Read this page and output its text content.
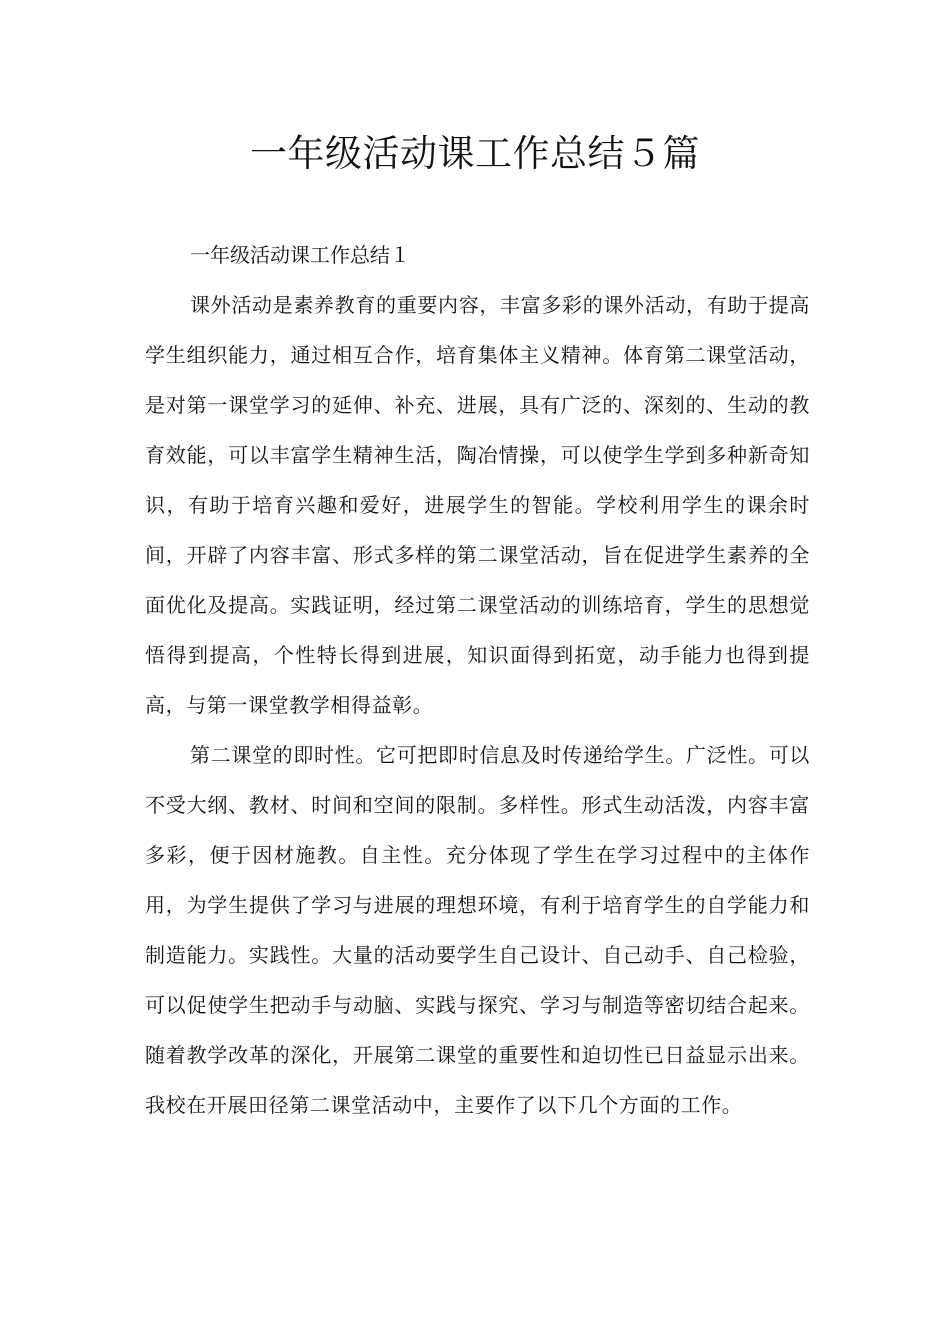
一年级活动课工作总结５篇

一年级活动课工作总结１

课外活动是素养教育的重要内容，丰富多彩的课外活动，有助于提高学生组织能力，通过相互合作，培育集体主义精神。体育第二课堂活动，是对第一课堂学习的延伸、补充、进展，具有广泛的、深刻的、生动的教育效能，可以丰富学生精神生活，陶冶情操，可以使学生学到多种新奇知识，有助于培育兴趣和爱好，进展学生的智能。学校利用学生的课余时间，开辟了内容丰富、形式多样的第二课堂活动，旨在促进学生素养的全面优化及提高。实践证明，经过第二课堂活动的训练培育，学生的思想觉悟得到提高，个性特长得到进展，知识面得到拓宽，动手能力也得到提高，与第一课堂教学相得益彰。

第二课堂的即时性。它可把即时信息及时传递给学生。广泛性。可以不受大纲、教材、时间和空间的限制。多样性。形式生动活泼，内容丰富多彩，便于因材施教。自主性。充分体现了学生在学习过程中的主体作用，为学生提供了学习与进展的理想环境，有利于培育学生的自学能力和制造能力。实践性。大量的活动要学生自己设计、自己动手、自己检验，可以促使学生把动手与动脑、实践与探究、学习与制造等密切结合起来。随着教学改革的深化，开展第二课堂的重要性和迫切性已日益显示出来。我校在开展田径第二课堂活动中，主要作了以下几个方面的工作。
